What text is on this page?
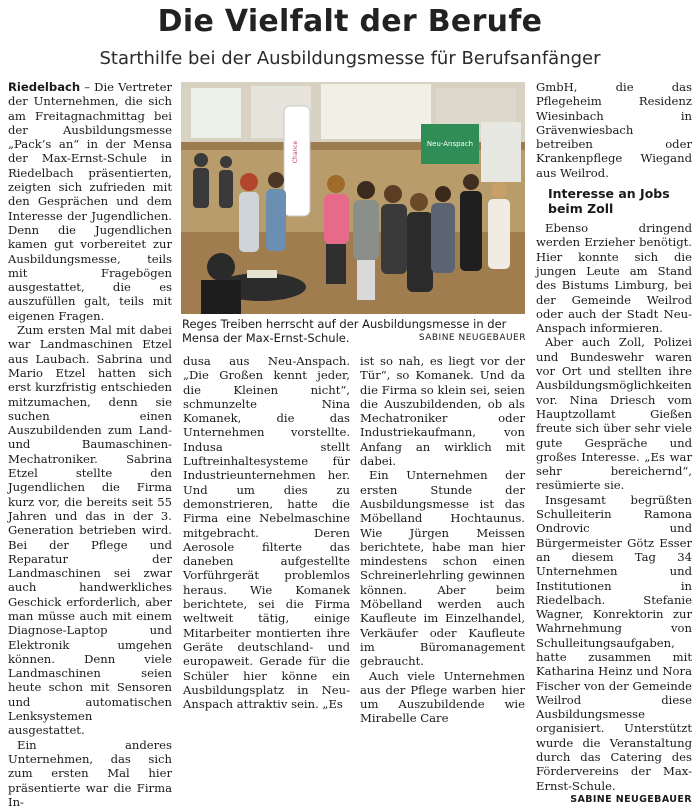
Die Vielfalt der Berufe
Starthilfe bei der Ausbildungsmesse für Berufsanfänger

Riedelbach – Die Vertreter der Unternehmen, die sich am Freitagnachmittag bei der Ausbildungsmesse „Pack’s an“ in der Mensa der Max-Ernst-Schule in Riedelbach präsentierten, zeigten sich zufrieden mit den Gesprächen und dem Interesse der Jugendlichen. Denn die Jugendlichen kamen gut vorbereitet zur Ausbildungsmesse, teils mit Fragebögen ausgestattet, die es auszufüllen galt, teils mit eigenen Fragen.

Zum ersten Mal mit dabei war Landmaschinen Etzel aus Laubach. Sabrina und Mario Etzel hatten sich erst kurzfristig entschieden mitzumachen, denn sie suchen einen Auszubildenden zum Land- und Baumaschinen-Mechatroniker. Sabrina Etzel stellte den Jugendlichen die Firma kurz vor, die bereits seit 55 Jahren und das in der 3. Generation betrieben wird. Bei der Pflege und Reparatur der Landmaschinen sei zwar auch handwerkliches Geschick erforderlich, aber man müsse auch mit einem Diagnose-Laptop und Elektronik umgehen können. Denn viele Landmaschinen seien heute schon mit Sensoren und automatischen Lenksystemen ausgestattet.

Ein anderes Unternehmen, das sich zum ersten Mal hier präsentierte war die Firma In-

Chance	Neu-Anspach
Reges Treiben herrscht auf der Ausbildungsmesse in der Mensa der Max-Ernst-Schule.	SABINE NEUGEBAUER

dusa aus Neu-Anspach. „Die Großen kennt jeder, die Kleinen nicht“, schmunzelte Nina Komanek, die das Unternehmen vorstellte. Indusa stellt Luftreinhaltesysteme für Industrieunternehmen her. Und um dies zu demonstrieren, hatte die Firma eine Nebelmaschine mitgebracht. Deren Aerosole filterte das daneben aufgestellte Vorführgerät problemlos heraus. Wie Komanek berichtete, sei die Firma weltweit tätig, einige Mitarbeiter montierten ihre Geräte deutschland- und europaweit. Gerade für die Schüler hier könne ein Ausbildungsplatz in Neu-Anspach attraktiv sein. „Es

ist so nah, es liegt vor der Tür“, so Komanek. Und da die Firma so klein sei, seien die Auszubildenden, ob als Mechatroniker oder Industriekaufmann, von Anfang an wirklich mit dabei.

Ein Unternehmen der ersten Stunde der Ausbildungsmesse ist das Möbelland Hochtaunus. Wie Jürgen Meissen berichtete, habe man hier mindestens schon einen Schreinerlehrling gewinnen können. Aber beim Möbelland werden auch Kaufleute im Einzelhandel, Verkäufer oder Kaufleute im Büromanagement gebraucht.

Auch viele Unternehmen aus der Pflege warben hier um Auszubildende wie Mirabelle Care

GmbH, die das Pflegeheim Residenz Wiesinbach in Grävenwiesbach betreiben oder Krankenpflege Wiegand aus Weilrod.

Interesse an Jobs beim Zoll

Ebenso dringend werden Erzieher benötigt. Hier konnte sich die jungen Leute am Stand des Bistums Limburg, bei der Gemeinde Weilrod oder auch der Stadt Neu-Anspach informieren.

Aber auch Zoll, Polizei und Bundeswehr waren vor Ort und stellten ihre Ausbildungsmöglichkeiten vor. Nina Driesch vom Hauptzollamt Gießen freute sich über sehr viele gute Gespräche und großes Interesse. „Es war sehr bereichernd“, resümierte sie.

Insgesamt begrüßten Schulleiterin Ramona Ondrovic und Bürgermeister Götz Esser an diesem Tag 34 Unternehmen und Institutionen in Riedelbach. Stefanie Wagner, Konrektorin zur Wahrnehmung von Schulleitungsaufgaben, hatte zusammen mit Katharina Heinz und Nora Fischer von der Gemeinde Weilrod diese Ausbildungsmesse organisiert. Unterstützt wurde die Veranstaltung durch das Catering des Fördervereins der Max-Ernst-Schule.
SABINE NEUGEBAUER
